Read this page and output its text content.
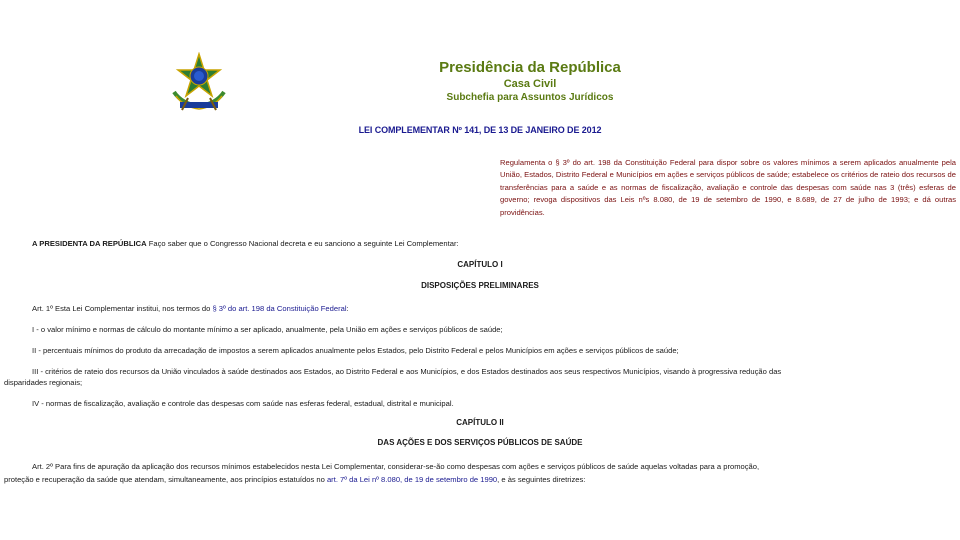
Presidência da República
Casa Civil
Subchefia para Assuntos Jurídicos
LEI COMPLEMENTAR Nº 141, DE 13 DE JANEIRO DE 2012
Regulamenta o § 3º do art. 198 da Constituição Federal para dispor sobre os valores mínimos a serem aplicados anualmente pela União, Estados, Distrito Federal e Municípios em ações e serviços públicos de saúde; estabelece os critérios de rateio dos recursos de transferências para a saúde e as normas de fiscalização, avaliação e controle das despesas com saúde nas 3 (três) esferas de governo; revoga dispositivos das Leis nºs 8.080, de 19 de setembro de 1990, e 8.689, de 27 de julho de 1993; e dá outras providências.
A PRESIDENTA DA REPÚBLICA Faço saber que o Congresso Nacional decreta e eu sanciono a seguinte Lei Complementar:
CAPÍTULO I
DISPOSIÇÕES PRELIMINARES
Art. 1º Esta Lei Complementar institui, nos termos do § 3º do art. 198 da Constituição Federal:
I - o valor mínimo e normas de cálculo do montante mínimo a ser aplicado, anualmente, pela União em ações e serviços públicos de saúde;
II - percentuais mínimos do produto da arrecadação de impostos a serem aplicados anualmente pelos Estados, pelo Distrito Federal e pelos Municípios em ações e serviços públicos de saúde;
III - critérios de rateio dos recursos da União vinculados à saúde destinados aos Estados, ao Distrito Federal e aos Municípios, e dos Estados destinados aos seus respectivos Municípios, visando à progressiva redução das
disparidades regionais;
IV - normas de fiscalização, avaliação e controle das despesas com saúde nas esferas federal, estadual, distrital e municipal.
CAPÍTULO II
DAS AÇÕES E DOS SERVIÇOS PÚBLICOS DE SAÚDE
Art. 2º Para fins de apuração da aplicação dos recursos mínimos estabelecidos nesta Lei Complementar, considerar-se-ão como despesas com ações e serviços públicos de saúde aquelas voltadas para a promoção,
proteção e recuperação da saúde que atendam, simultaneamente, aos princípios estatuídos no art. 7º da Lei nº 8.080, de 19 de setembro de 1990, e às seguintes diretrizes:
